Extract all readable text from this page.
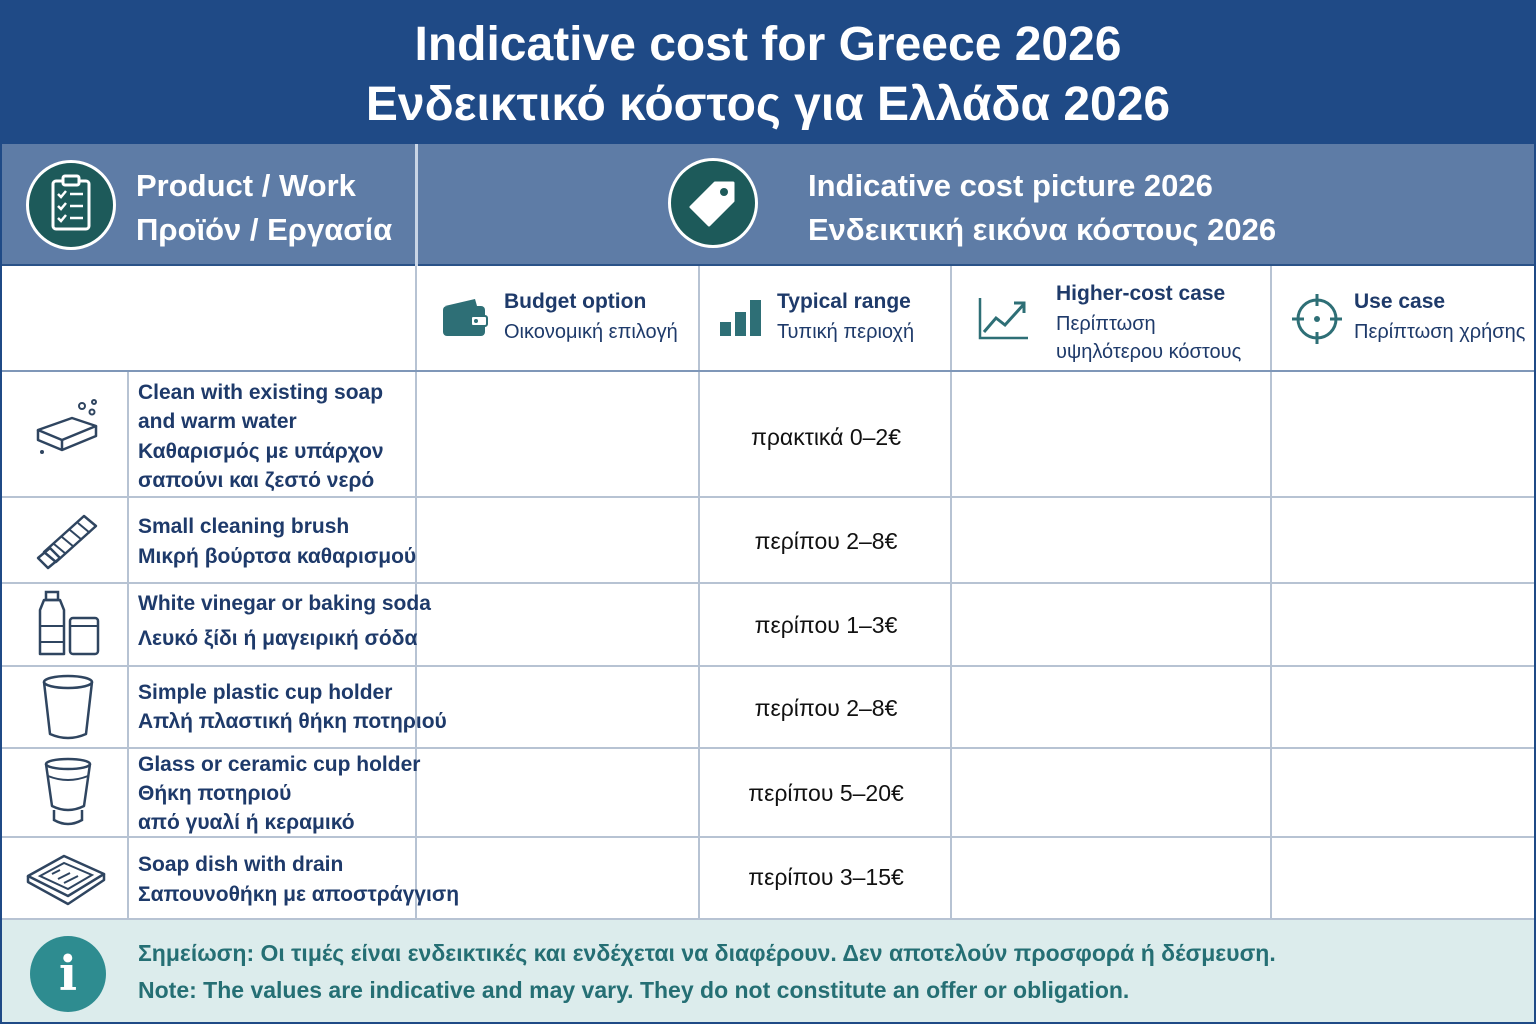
Indicative cost for Greece 2026
Ενδεικτικό κόστος για Ελλάδα 2026
Product / Work
Προϊόν / Εργασία
Indicative cost picture 2026
Ενδεικτική εικόνα κόστους 2026
Budget option
Οικονομική επιλογή
Typical range
Τυπική περιοχή
Higher-cost case
Περίπτωση
υψηλότερου κόστους
Use case
Περίπτωση χρήσης
Clean with existing soap
and warm water
Καθαρισμός με υπάρχον
σαπούνι και ζεστό νερό
πρακτικά 0–2€
Small cleaning brush
Μικρή βούρτσα καθαρισμού
περίπου 2–8€
White vinegar or baking soda
Λευκό ξίδι ή μαγειρική σόδα
περίπου 1–3€
Simple plastic cup holder
Απλή πλαστική θήκη ποτηριού
περίπου 2–8€
Glass or ceramic cup holder
Θήκη ποτηριού
από γυαλί ή κεραμικό
περίπου 5–20€
Soap dish with drain
Σαπουνοθήκη με αποστράγγιση
περίπου 3–15€
i	Σημείωση: Οι τιμές είναι ενδεικτικές και ενδέχεται να διαφέρουν. Δεν αποτελούν προσφορά ή δέσμευση.
Note: The values are indicative and may vary. They do not constitute an offer or obligation.
